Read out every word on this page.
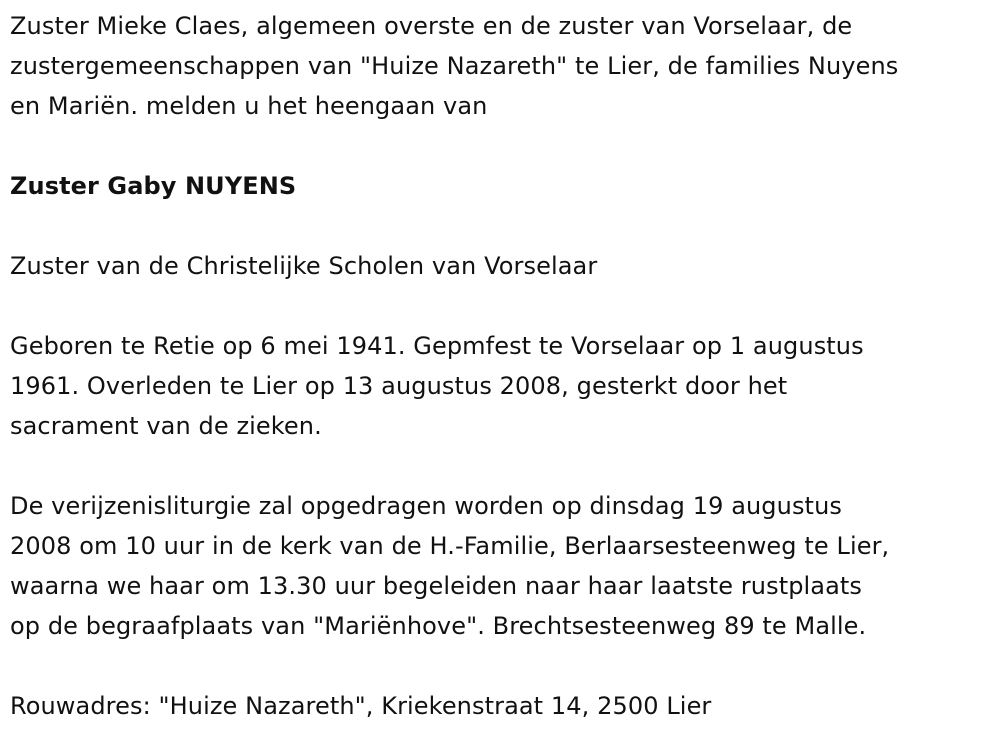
Zuster Mieke Claes, algemeen overste en de zuster van Vorselaar, de
zustergemeenschappen van "Huize Nazareth" te Lier, de families Nuyens
en Mariën. melden u het heengaan van

Zuster Gaby NUYENS

Zuster van de Christelijke Scholen van Vorselaar

Geboren te Retie op 6 mei 1941. Gepmfest te Vorselaar op 1 augustus
1961. Overleden te Lier op 13 augustus 2008, gesterkt door het
sacrament van de zieken.

De verijzenisliturgie zal opgedragen worden op dinsdag 19 augustus
2008 om 10 uur in de kerk van de H.-Familie, Berlaarsesteenweg te Lier,
waarna we haar om 13.30 uur begeleiden naar haar laatste rustplaats
op de begraafplaats van "Mariënhove". Brechtsesteenweg 89 te Malle.

Rouwadres: "Huize Nazareth", Kriekenstraat 14, 2500 Lier
